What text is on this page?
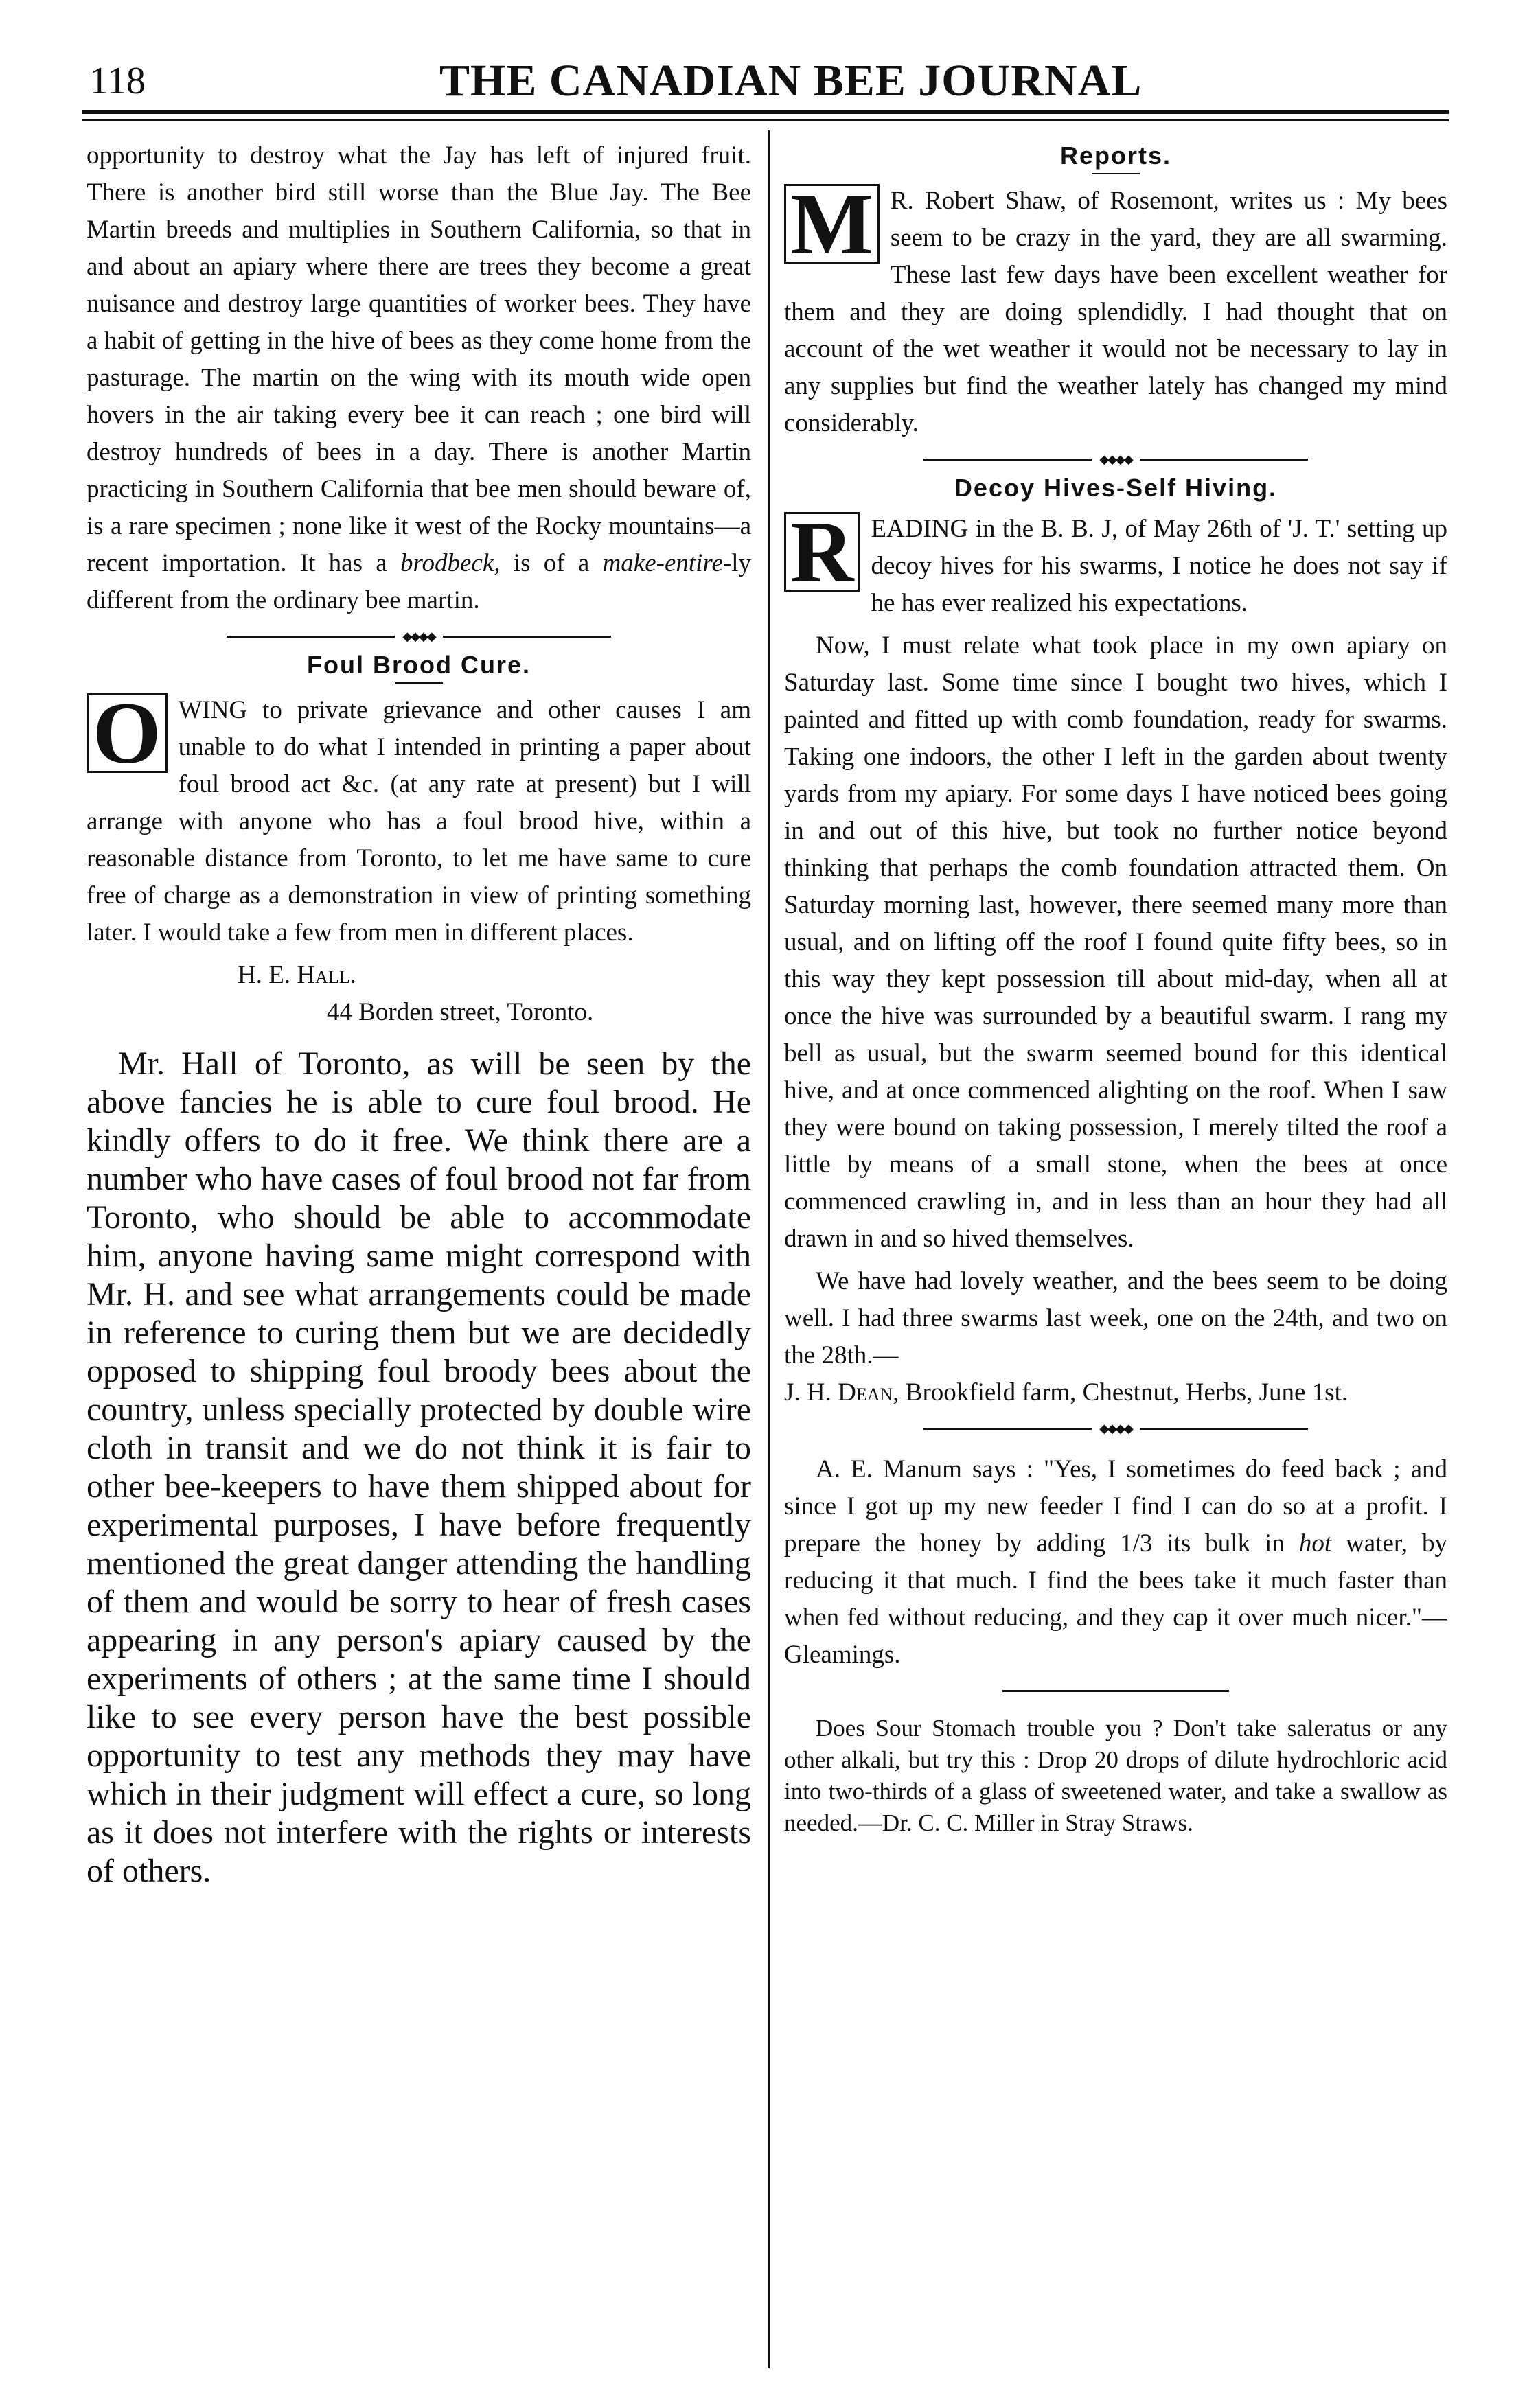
118	THE CANADIAN BEE JOURNAL

opportunity to destroy what the Jay has left of injured fruit. There is another bird still worse than the Blue Jay. The Bee Martin breeds and multiplies in Southern California, so that in and about an apiary where there are trees they become a great nuisance and destroy large quantities of worker bees. They have a habit of getting in the hive of bees as they come home from the pasturage. The martin on the wing with its mouth wide open hovers in the air taking every bee it can reach ; one bird will destroy hundreds of bees in a day. There is another Martin practicing in Southern California that bee men should beware of, is a rare specimen ; none like it west of the Rocky mountains—a recent importation. It has a brodbeck, is of a make-entire-ly different from the ordinary bee martin.

◆◆◆◆
Foul Brood Cure.

O WING to private grievance and other causes I am unable to do what I intended in printing a paper about foul brood act &c. (at any rate at present) but I will arrange with anyone who has a foul brood hive, within a reasonable distance from Toronto, to let me have same to cure free of charge as a demonstration in view of printing something later. I would take a few from men in different places.

H. E. Hall.

44 Borden street, Toronto.

Mr. Hall of Toronto, as will be seen by the above fancies he is able to cure foul brood. He kindly offers to do it free. We think there are a number who have cases of foul brood not far from Toronto, who should be able to accommodate him, anyone having same might correspond with Mr. H. and see what arrangements could be made in reference to curing them but we are decidedly opposed to shipping foul broody bees about the country, unless specially protected by double wire cloth in transit and we do not think it is fair to other bee-keepers to have them shipped about for experimental purposes, I have before frequently mentioned the great danger attending the handling of them and would be sorry to hear of fresh cases appearing in any person's apiary caused by the experiments of others ; at the same time I should like to see every person have the best possible opportunity to test any methods they may have which in their judgment will effect a cure, so long as it does not interfere with the rights or interests of others.

Reports.

M R. Robert Shaw, of Rosemont, writes us : My bees seem to be crazy in the yard, they are all swarming. These last few days have been excellent weather for them and they are doing splendidly. I had thought that on account of the wet weather it would not be necessary to lay in any supplies but find the weather lately has changed my mind considerably.

◆◆◆◆
Decoy Hives-Self Hiving.

R EADING in the B. B. J, of May 26th of 'J. T.' setting up decoy hives for his swarms, I notice he does not say if he has ever realized his expectations.

Now, I must relate what took place in my own apiary on Saturday last. Some time since I bought two hives, which I painted and fitted up with comb foundation, ready for swarms. Taking one indoors, the other I left in the garden about twenty yards from my apiary. For some days I have noticed bees going in and out of this hive, but took no further notice beyond thinking that perhaps the comb foundation attracted them. On Saturday morning last, however, there seemed many more than usual, and on lifting off the roof I found quite fifty bees, so in this way they kept possession till about mid-day, when all at once the hive was surrounded by a beautiful swarm. I rang my bell as usual, but the swarm seemed bound for this identical hive, and at once commenced alighting on the roof. When I saw they were bound on taking possession, I merely tilted the roof a little by means of a small stone, when the bees at once commenced crawling in, and in less than an hour they had all drawn in and so hived themselves.

We have had lovely weather, and the bees seem to be doing well. I had three swarms last week, one on the 24th, and two on the 28th.—

J. H. Dean, Brookfield farm, Chestnut, Herbs, June 1st.

◆◆◆◆

A. E. Manum says : "Yes, I sometimes do feed back ; and since I got up my new feeder I find I can do so at a profit. I prepare the honey by adding 1/3 its bulk in hot water, by reducing it that much. I find the bees take it much faster than when fed without reducing, and they cap it over much nicer."—Gleamings.

Does Sour Stomach trouble you ? Don't take saleratus or any other alkali, but try this : Drop 20 drops of dilute hydrochloric acid into two-thirds of a glass of sweetened water, and take a swallow as needed.—Dr. C. C. Miller in Stray Straws.
